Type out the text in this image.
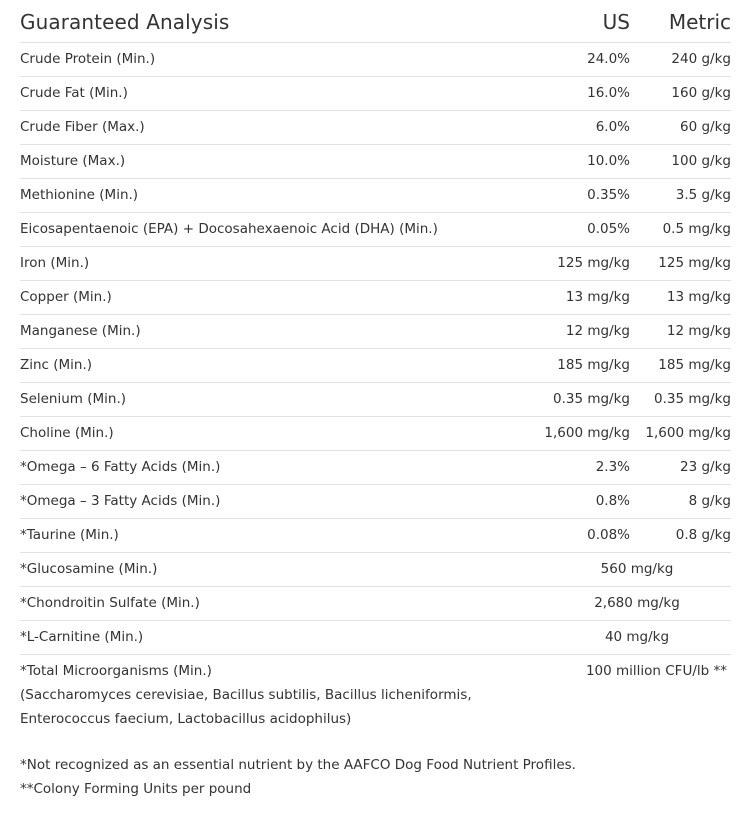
Guaranteed Analysis	US Metric
Crude Protein (Min.)	24.0%	240 g/kg
Crude Fat (Min.)	16.0%	160 g/kg
Crude Fiber (Max.)	6.0%	60 g/kg
Moisture (Max.)	10.0%	100 g/kg
Methionine (Min.)	0.35%	3.5 g/kg
Eicosapentaenoic (EPA) + Docosahexaenoic Acid (DHA) (Min.)	0.05% 0.5 mg/kg
Iron (Min.)	125 mg/kg 125 mg/kg
Copper (Min.)	13 mg/kg	13 mg/kg
Manganese (Min.)	12 mg/kg	12 mg/kg
Zinc (Min.)	185 mg/kg 185 mg/kg
Selenium (Min.)	0.35 mg/kg 0.35 mg/kg
Choline (Min.)	1,600 mg/kg 1,600 mg/kg
*Omega – 6 Fatty Acids (Min.)	2.3%	23 g/kg
*Omega – 3 Fatty Acids (Min.)	0.8%	8 g/kg
*Taurine (Min.)	0.08%	0.8 g/kg
*Glucosamine (Min.)	560 mg/kg
*Chondroitin Sulfate (Min.)	2,680 mg/kg
*L-Carnitine (Min.)	40 mg/kg
*Total Microorganisms (Min.)	100 million CFU/lb **
(Saccharomyces cerevisiae, Bacillus subtilis, Bacillus licheniformis,
Enterococcus faecium, Lactobacillus acidophilus)
*Not recognized as an essential nutrient by the AAFCO Dog Food Nutrient Profiles.
**Colony Forming Units per pound
